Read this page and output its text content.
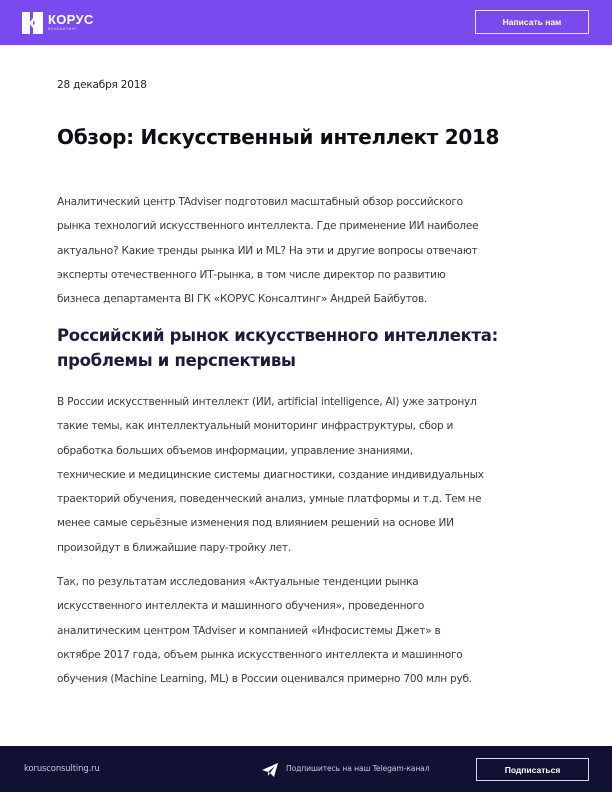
КОРУС
КОНСАЛТИНГ
Написать нам
28 декабря 2018
Обзор: Искусственный интеллект 2018

Аналитический центр TAdviser подготовил масштабный обзор российского
рынка технологий искусственного интеллекта. Где применение ИИ наиболее
актуально? Какие тренды рынка ИИ и ML? На эти и другие вопросы отвечают
эксперты отечественного ИТ-рынка, в том числе директор по развитию
бизнеса департамента BI ГК «КОРУС Консалтинг» Андрей Байбутов.

Российский рынок искусственного интеллекта:
проблемы и перспективы

В России искусственный интеллект (ИИ, artificial intelligence, AI) уже затронул
такие темы, как интеллектуальный мониторинг инфраструктуры, сбор и
обработка больших объемов информации, управление знаниями,
технические и медицинские системы диагностики, создание индивидуальных
траекторий обучения, поведенческий анализ, умные платформы и т.д. Тем не
менее самые серьёзные изменения под влиянием решений на основе ИИ
произойдут в ближайшие пару-тройку лет.

Так, по результатам исследования «Актуальные тенденции рынка
искусственного интеллекта и машинного обучения», проведенного
аналитическим центром TAdviser и компанией «Инфосистемы Джет» в
октябре 2017 года, объем рынка искусственного интеллекта и машинного
обучения (Machine Learning, ML) в России оценивался примерно 700 млн руб.

korusconsulting.ru	Подпишитесь на наш Telegam-канал	Подписаться
